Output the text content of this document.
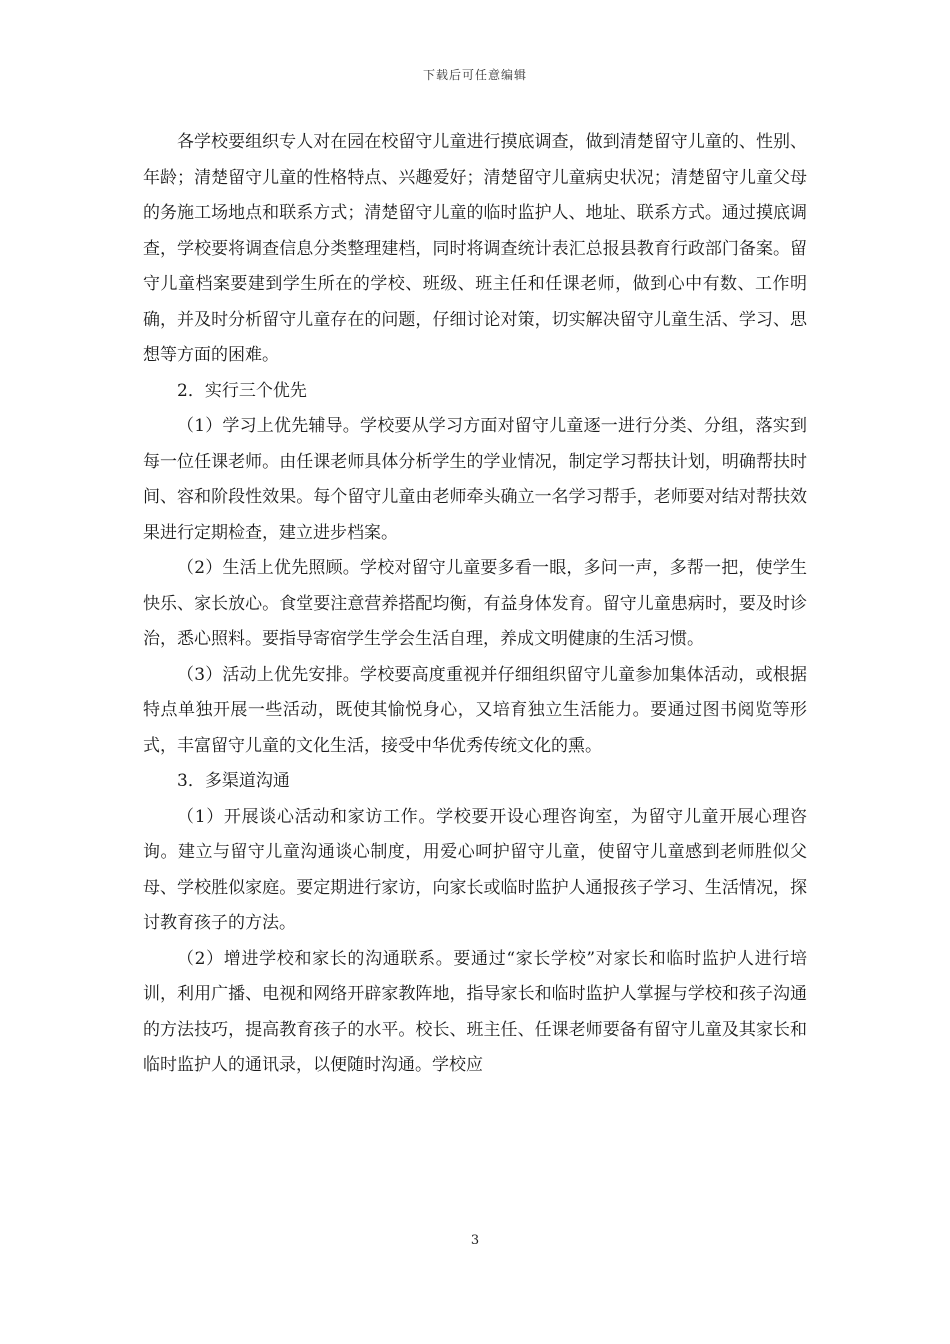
下载后可任意编辑

各学校要组织专人对在园在校留守儿童进行摸底调查，做到清楚留守儿童的、性别、年龄；清楚留守儿童的性格特点、兴趣爱好；清楚留守儿童病史状况；清楚留守儿童父母的务施工场地点和联系方式；清楚留守儿童的临时监护人、地址、联系方式。通过摸底调查，学校要将调查信息分类整理建档，同时将调查统计表汇总报县教育行政部门备案。留守儿童档案要建到学生所在的学校、班级、班主任和任课老师，做到心中有数、工作明确，并及时分析留守儿童存在的问题，仔细讨论对策，切实解决留守儿童生活、学习、思想等方面的困难。

2．实行三个优先

（1）学习上优先辅导。学校要从学习方面对留守儿童逐一进行分类、分组，落实到每一位任课老师。由任课老师具体分析学生的学业情况，制定学习帮扶计划，明确帮扶时间、容和阶段性效果。每个留守儿童由老师牵头确立一名学习帮手，老师要对结对帮扶效果进行定期检查，建立进步档案。

（2）生活上优先照顾。学校对留守儿童要多看一眼，多问一声，多帮一把，使学生快乐、家长放心。食堂要注意营养搭配均衡，有益身体发育。留守儿童患病时，要及时诊治，悉心照料。要指导寄宿学生学会生活自理，养成文明健康的生活习惯。

（3）活动上优先安排。学校要高度重视并仔细组织留守儿童参加集体活动，或根据特点单独开展一些活动，既使其愉悦身心，又培育独立生活能力。要通过图书阅览等形式，丰富留守儿童的文化生活，接受中华优秀传统文化的熏。

3．多渠道沟通

（1）开展谈心活动和家访工作。学校要开设心理咨询室，为留守儿童开展心理咨询。建立与留守儿童沟通谈心制度，用爱心呵护留守儿童，使留守儿童感到老师胜似父母、学校胜似家庭。要定期进行家访，向家长或临时监护人通报孩子学习、生活情况，探讨教育孩子的方法。

（2）增进学校和家长的沟通联系。要通过“家长学校”对家长和临时监护人进行培训，利用广播、电视和网络开辟家教阵地，指导家长和临时监护人掌握与学校和孩子沟通的方法技巧，提高教育孩子的水平。校长、班主任、任课老师要备有留守儿童及其家长和临时监护人的通讯录，以便随时沟通。学校应

3
